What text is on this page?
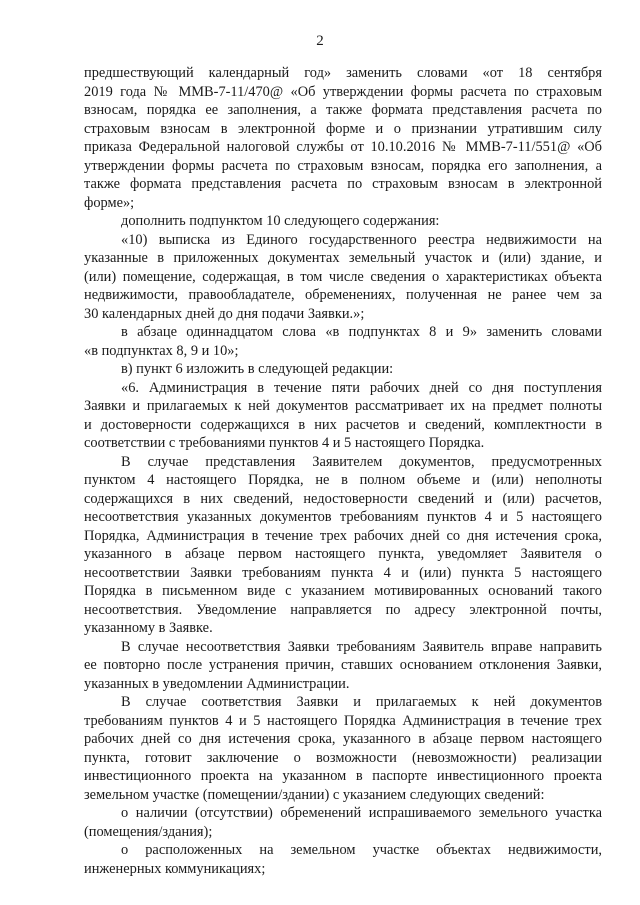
2
предшествующий календарный год» заменить словами «от 18 сентября
2019 года № ММВ-7-11/470@ «Об утверждении формы расчета по страховым
взносам, порядка ее заполнения, а также формата представления расчета по
страховым взносам в электронной форме и о признании утратившим силу
приказа Федеральной налоговой службы от 10.10.2016 № ММВ-7-11/551@ «Об
утверждении формы расчета по страховым взносам, порядка его заполнения, а
также формата представления расчета по страховым взносам в электронной
форме»;
дополнить подпунктом 10 следующего содержания:
«10) выписка из Единого государственного реестра недвижимости на
указанные в приложенных документах земельный участок и (или) здание, и
(или) помещение, содержащая, в том числе сведения о характеристиках объекта
недвижимости, правообладателе, обременениях, полученная не ранее чем за
30 календарных дней до дня подачи Заявки.»;
в абзаце одиннадцатом слова «в подпунктах 8 и 9» заменить словами
«в подпунктах 8, 9 и 10»;
в) пункт 6 изложить в следующей редакции:
«6. Администрация в течение пяти рабочих дней со дня поступления
Заявки и прилагаемых к ней документов рассматривает их на предмет полноты
и достоверности содержащихся в них расчетов и сведений, комплектности в
соответствии с требованиями пунктов 4 и 5 настоящего Порядка.
В случае представления Заявителем документов, предусмотренных
пунктом 4 настоящего Порядка, не в полном объеме и (или) неполноты
содержащихся в них сведений, недостоверности сведений и (или) расчетов,
несоответствия указанных документов требованиям пунктов 4 и 5 настоящего
Порядка, Администрация в течение трех рабочих дней со дня истечения срока,
указанного в абзаце первом настоящего пункта, уведомляет Заявителя о
несоответствии Заявки требованиям пункта 4 и (или) пункта 5 настоящего
Порядка в письменном виде с указанием мотивированных оснований такого
несоответствия. Уведомление направляется по адресу электронной почты,
указанному в Заявке.
В случае несоответствия Заявки требованиям Заявитель вправе направить
ее повторно после устранения причин, ставших основанием отклонения Заявки,
указанных в уведомлении Администрации.
В случае соответствия Заявки и прилагаемых к ней документов
требованиям пунктов 4 и 5 настоящего Порядка Администрация в течение трех
рабочих дней со дня истечения срока, указанного в абзаце первом настоящего
пункта, готовит заключение о возможности (невозможности) реализации
инвестиционного проекта на указанном в паспорте инвестиционного проекта
земельном участке (помещении/здании) с указанием следующих сведений:
о наличии (отсутствии) обременений испрашиваемого земельного участка
(помещения/здания);
о расположенных на земельном участке объектах недвижимости,
инженерных коммуникациях;
